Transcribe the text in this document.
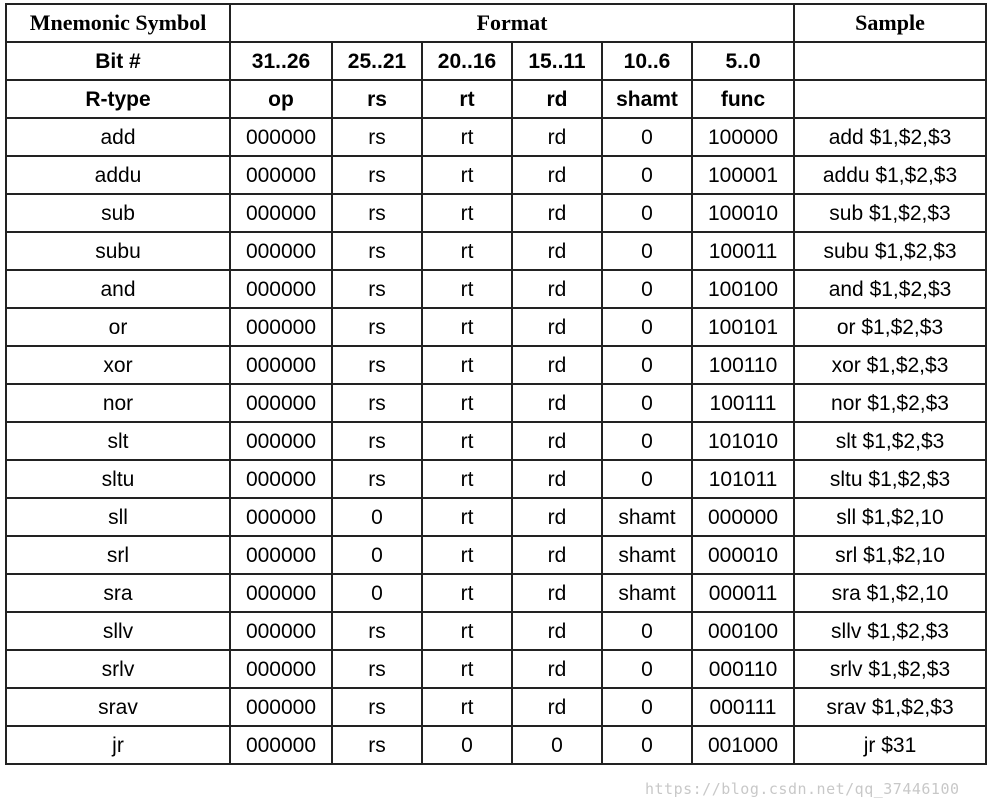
Mnemonic Symbol	Format						Sample
Bit #	31..26	25..21	20..16	15..11	10..6	5..0	
R-type	op	rs	rt	rd	shamt	func	
add	000000	rs	rt	rd	0	100000	add $1,$2,$3
addu	000000	rs	rt	rd	0	100001	addu $1,$2,$3
sub	000000	rs	rt	rd	0	100010	sub $1,$2,$3
subu	000000	rs	rt	rd	0	100011	subu $1,$2,$3
and	000000	rs	rt	rd	0	100100	and $1,$2,$3
or	000000	rs	rt	rd	0	100101	or $1,$2,$3
xor	000000	rs	rt	rd	0	100110	xor $1,$2,$3
nor	000000	rs	rt	rd	0	100111	nor $1,$2,$3
slt	000000	rs	rt	rd	0	101010	slt $1,$2,$3
sltu	000000	rs	rt	rd	0	101011	sltu $1,$2,$3
sll	000000	0	rt	rd	shamt	000000	sll $1,$2,10
srl	000000	0	rt	rd	shamt	000010	srl $1,$2,10
sra	000000	0	rt	rd	shamt	000011	sra $1,$2,10
sllv	000000	rs	rt	rd	0	000100	sllv $1,$2,$3
srlv	000000	rs	rt	rd	0	000110	srlv $1,$2,$3
srav	000000	rs	rt	rd	0	000111	srav $1,$2,$3
jr	000000	rs	0	0	0	001000	jr $31
https://blog.csdn.net/qq_37446100
